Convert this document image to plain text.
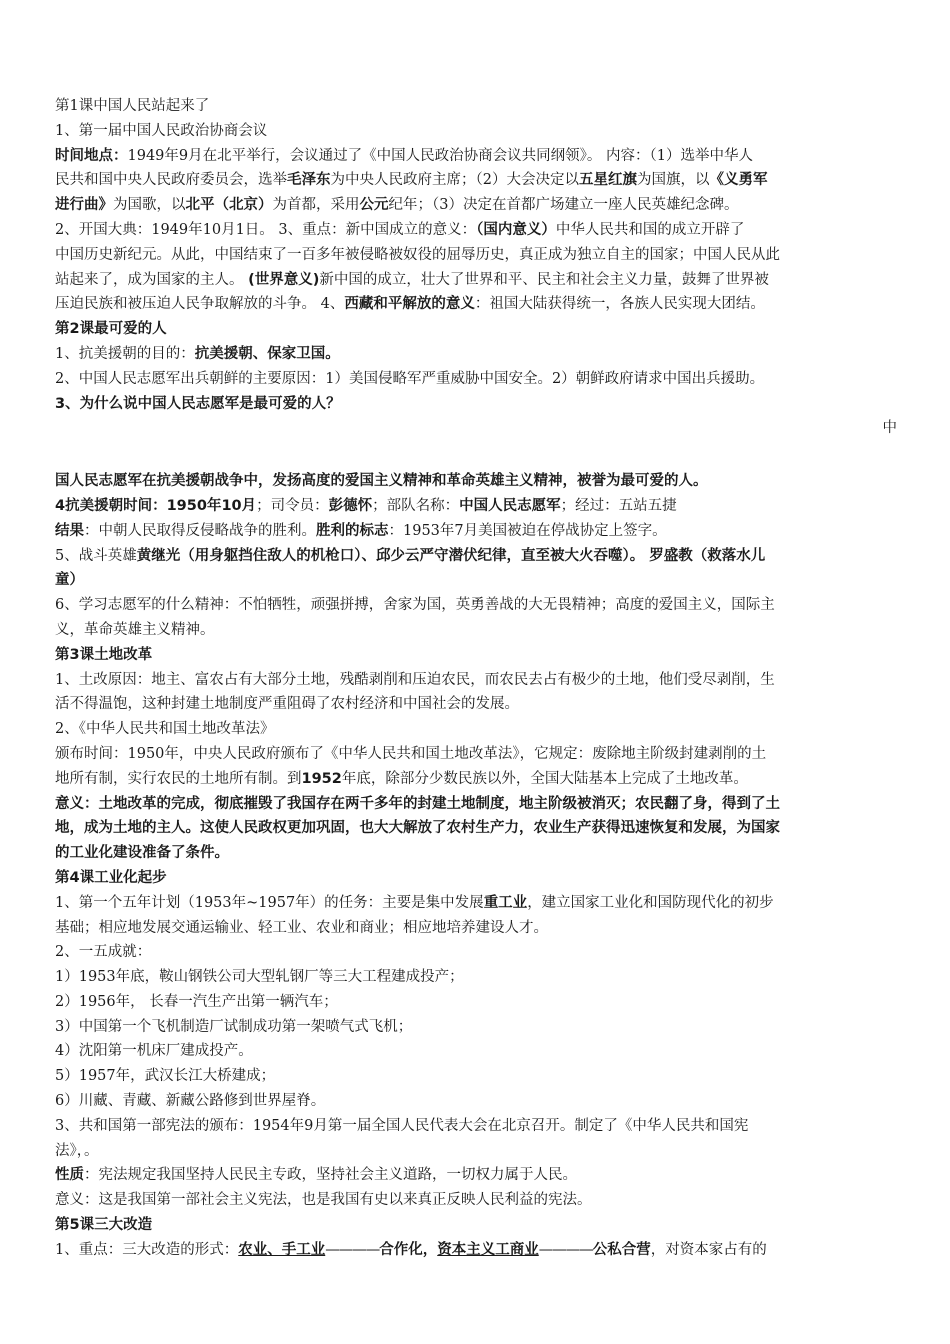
第1课中国人民站起来了
1、第一届中国人民政治协商会议
时间地点：1949年9月在北平举行，会议通过了《中国人民政治协商会议共同纲领》。 内容：（1）选举中华人
民共和国中央人民政府委员会，选举毛泽东为中央人民政府主席；（2）大会决定以五星红旗为国旗，以《义勇军
进行曲》为国歌，以北平（北京）为首都，采用公元纪年；（3）决定在首都广场建立一座人民英雄纪念碑。
2、开国大典：1949年10月1日。 3、重点：新中国成立的意义：（国内意义）中华人民共和国的成立开辟了
中国历史新纪元。从此，中国结束了一百多年被侵略被奴役的屈辱历史，真正成为独立自主的国家；中国人民从此
站起来了，成为国家的主人。 (世界意义)新中国的成立，壮大了世界和平、民主和社会主义力量，鼓舞了世界被
压迫民族和被压迫人民争取解放的斗争。 4、西藏和平解放的意义：祖国大陆获得统一，各族人民实现大团结。
第2课最可爱的人
1、抗美援朝的目的：抗美援朝、保家卫国。
2、中国人民志愿军出兵朝鲜的主要原因：1）美国侵略军严重威胁中国安全。2）朝鲜政府请求中国出兵援助。
3、为什么说中国人民志愿军是最可爱的人？
中
国人民志愿军在抗美援朝战争中，发扬高度的爱国主义精神和革命英雄主义精神，被誉为最可爱的人。
4抗美援朝时间：1950年10月；司令员：彭德怀；部队名称：中国人民志愿军；经过：五站五捷
结果：中朝人民取得反侵略战争的胜利。胜利的标志：1953年7月美国被迫在停战协定上签字。
5、战斗英雄黄继光（用身躯挡住敌人的机枪口）、邱少云严守潜伏纪律，直至被大火吞噬）。 罗盛教（救落水儿
童）
6、学习志愿军的什么精神：不怕牺牲，顽强拼搏，舍家为国，英勇善战的大无畏精神；高度的爱国主义，国际主
义，革命英雄主义精神。
第3课土地改革
1、土改原因：地主、富农占有大部分土地，残酷剥削和压迫农民，而农民去占有极少的土地，他们受尽剥削，生
活不得温饱，这种封建土地制度严重阻碍了农村经济和中国社会的发展。
2、《中华人民共和国土地改革法》
颁布时间：1950年，中央人民政府颁布了《中华人民共和国土地改革法》，它规定：废除地主阶级封建剥削的土
地所有制，实行农民的土地所有制。到1952年底，除部分少数民族以外，全国大陆基本上完成了土地改革。
意义：土地改革的完成，彻底摧毁了我国存在两千多年的封建土地制度，地主阶级被消灭；农民翻了身，得到了土
地，成为土地的主人。这使人民政权更加巩固，也大大解放了农村生产力，农业生产获得迅速恢复和发展，为国家
的工业化建设准备了条件。
第4课工业化起步
1、第一个五年计划（1953年~1957年）的任务：主要是集中发展重工业，建立国家工业化和国防现代化的初步
基础；相应地发展交通运输业、轻工业、农业和商业；相应地培养建设人才。
2、一五成就：
1）1953年底，鞍山钢铁公司大型轧钢厂等三大工程建成投产；
2）1956年， 长春一汽生产出第一辆汽车；
3）中国第一个飞机制造厂试制成功第一架喷气式飞机；
4）沈阳第一机床厂建成投产。
5）1957年，武汉长江大桥建成；
6）川藏、青藏、新藏公路修到世界屋脊。
3、共和国第一部宪法的颁布：1954年9月第一届全国人民代表大会在北京召开。制定了《中华人民共和国宪
法》，。
性质：宪法规定我国坚持人民民主专政，坚持社会主义道路，一切权力属于人民。
意义：这是我国第一部社会主义宪法，也是我国有史以来真正反映人民利益的宪法。
第5课三大改造
1、重点：三大改造的形式：农业、手工业————合作化，资本主义工商业————公私合营，对资本家占有的
